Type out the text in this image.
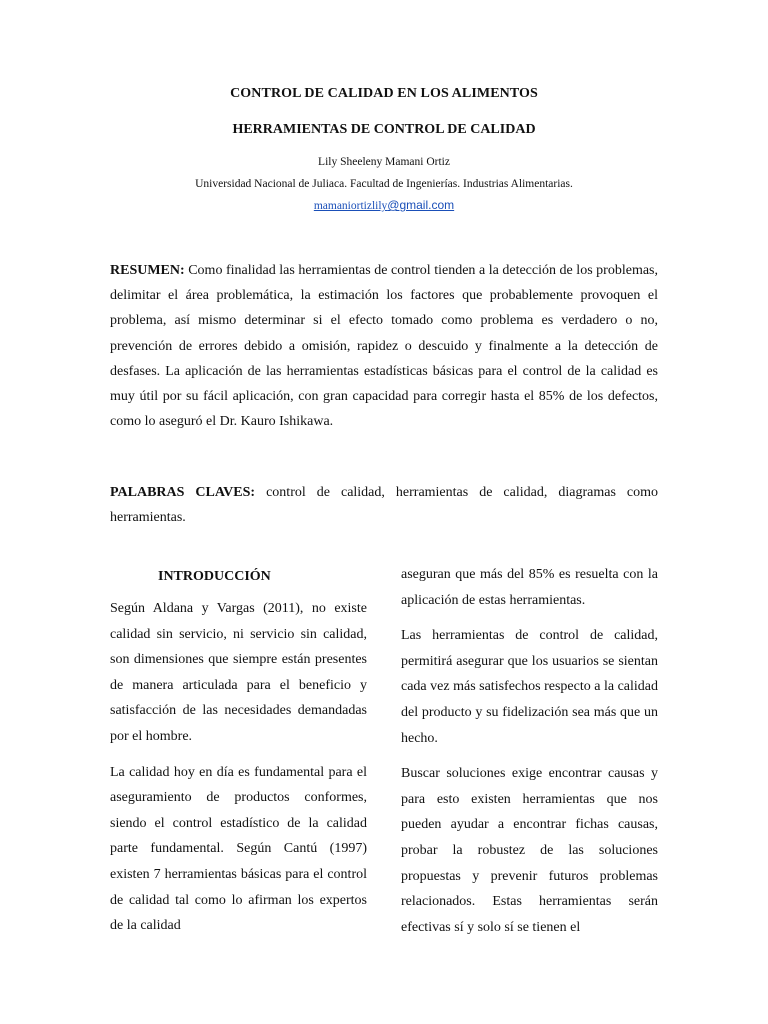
CONTROL DE CALIDAD EN LOS ALIMENTOS

HERRAMIENTAS DE CONTROL DE CALIDAD

Lily Sheeleny Mamani Ortiz

Universidad Nacional de Juliaca. Facultad de Ingenierías. Industrias Alimentarias.

mamaniortizlily@gmail.com

RESUMEN: Como finalidad las herramientas de control tienden a la detección de los problemas, delimitar el área problemática, la estimación los factores que probablemente provoquen el problema, así mismo determinar si el efecto tomado como problema es verdadero o no, prevención de errores debido a omisión, rapidez o descuido y finalmente a la detección de desfases. La aplicación de las herramientas estadísticas básicas para el control de la calidad es muy útil por su fácil aplicación, con gran capacidad para corregir hasta el 85% de los defectos, como lo aseguró el Dr. Kauro Ishikawa.

PALABRAS CLAVES: control de calidad, herramientas de calidad, diagramas como herramientas.

INTRODUCCIÓN

Según Aldana y Vargas (2011), no existe calidad sin servicio, ni servicio sin calidad, son dimensiones que siempre están presentes de manera articulada para el beneficio y satisfacción de las necesidades demandadas por el hombre.

La calidad hoy en día es fundamental para el aseguramiento de productos conformes, siendo el control estadístico de la calidad parte fundamental. Según Cantú (1997) existen 7 herramientas básicas para el control de calidad tal como lo afirman los expertos de la calidad

aseguran que más del 85% es resuelta con la aplicación de estas herramientas.

Las herramientas de control de calidad, permitirá asegurar que los usuarios se sientan cada vez más satisfechos respecto a la calidad del producto y su fidelización sea más que un hecho.

Buscar soluciones exige encontrar causas y para esto existen herramientas que nos pueden ayudar a encontrar fichas causas, probar la robustez de las soluciones propuestas y prevenir futuros problemas relacionados. Estas herramientas serán efectivas sí y solo sí se tienen el
